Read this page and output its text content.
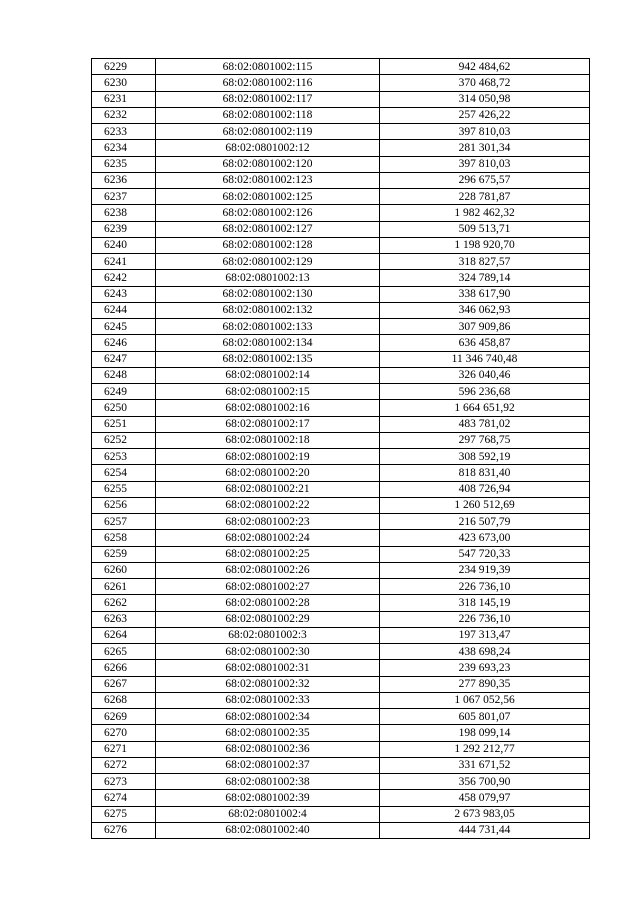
6229	68:02:0801002:115	942 484,62
6230	68:02:0801002:116	370 468,72
6231	68:02:0801002:117	314 050,98
6232	68:02:0801002:118	257 426,22
6233	68:02:0801002:119	397 810,03
6234	68:02:0801002:12	281 301,34
6235	68:02:0801002:120	397 810,03
6236	68:02:0801002:123	296 675,57
6237	68:02:0801002:125	228 781,87
6238	68:02:0801002:126	1 982 462,32
6239	68:02:0801002:127	509 513,71
6240	68:02:0801002:128	1 198 920,70
6241	68:02:0801002:129	318 827,57
6242	68:02:0801002:13	324 789,14
6243	68:02:0801002:130	338 617,90
6244	68:02:0801002:132	346 062,93
6245	68:02:0801002:133	307 909,86
6246	68:02:0801002:134	636 458,87
6247	68:02:0801002:135	11 346 740,48
6248	68:02:0801002:14	326 040,46
6249	68:02:0801002:15	596 236,68
6250	68:02:0801002:16	1 664 651,92
6251	68:02:0801002:17	483 781,02
6252	68:02:0801002:18	297 768,75
6253	68:02:0801002:19	308 592,19
6254	68:02:0801002:20	818 831,40
6255	68:02:0801002:21	408 726,94
6256	68:02:0801002:22	1 260 512,69
6257	68:02:0801002:23	216 507,79
6258	68:02:0801002:24	423 673,00
6259	68:02:0801002:25	547 720,33
6260	68:02:0801002:26	234 919,39
6261	68:02:0801002:27	226 736,10
6262	68:02:0801002:28	318 145,19
6263	68:02:0801002:29	226 736,10
6264	68:02:0801002:3	197 313,47
6265	68:02:0801002:30	438 698,24
6266	68:02:0801002:31	239 693,23
6267	68:02:0801002:32	277 890,35
6268	68:02:0801002:33	1 067 052,56
6269	68:02:0801002:34	605 801,07
6270	68:02:0801002:35	198 099,14
6271	68:02:0801002:36	1 292 212,77
6272	68:02:0801002:37	331 671,52
6273	68:02:0801002:38	356 700,90
6274	68:02:0801002:39	458 079,97
6275	68:02:0801002:4	2 673 983,05
6276	68:02:0801002:40	444 731,44
